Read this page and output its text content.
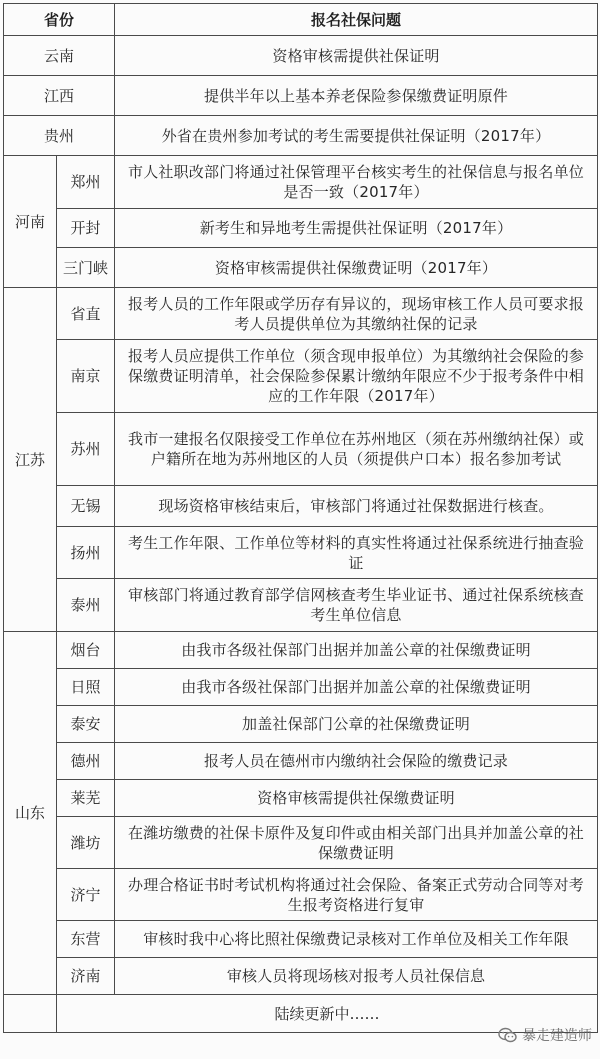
省份		报名社保问题
云南		资格审核需提供社保证明
江西		提供半年以上基本养老保险参保缴费证明原件
贵州		外省在贵州参加考试的考生需要提供社保证明（2017年）
河南	郑州	市人社职改部门将通过社保管理平台核实考生的社保信息与报名单位是否一致（2017年）
	开封	新考生和异地考生需提供社保证明（2017年）
	三门峡	资格审核需提供社保缴费证明（2017年）
江苏	省直	报考人员的工作年限或学历存有异议的，现场审核工作人员可要求报考人员提供单位为其缴纳社保的记录
	南京	报考人员应提供工作单位（须含现申报单位）为其缴纳社会保险的参保缴费证明清单，社会保险参保累计缴纳年限应不少于报考条件中相应的工作年限（2017年）
	苏州	我市一建报名仅限接受工作单位在苏州地区（须在苏州缴纳社保）或户籍所在地为苏州地区的人员（须提供户口本）报名参加考试
	无锡	现场资格审核结束后，审核部门将通过社保数据进行核查。
	扬州	考生工作年限、工作单位等材料的真实性将通过社保系统进行抽查验证
	泰州	审核部门将通过教育部学信网核查考生毕业证书、通过社保系统核查考生单位信息
山东	烟台	由我市各级社保部门出据并加盖公章的社保缴费证明
	日照	由我市各级社保部门出据并加盖公章的社保缴费证明
	泰安	加盖社保部门公章的社保缴费证明
	德州	报考人员在德州市内缴纳社会保险的缴费记录
	莱芜	资格审核需提供社保缴费证明
	潍坊	在潍坊缴费的社保卡原件及复印件或由相关部门出具并加盖公章的社保缴费证明
	济宁	办理合格证书时考试机构将通过社会保险、备案正式劳动合同等对考生报考资格进行复审
	东营	审核时我中心将比照社保缴费记录核对工作单位及相关工作年限
	济南	审核人员将现场核对报考人员社保信息
	陆续更新中……	
暴走建造师
